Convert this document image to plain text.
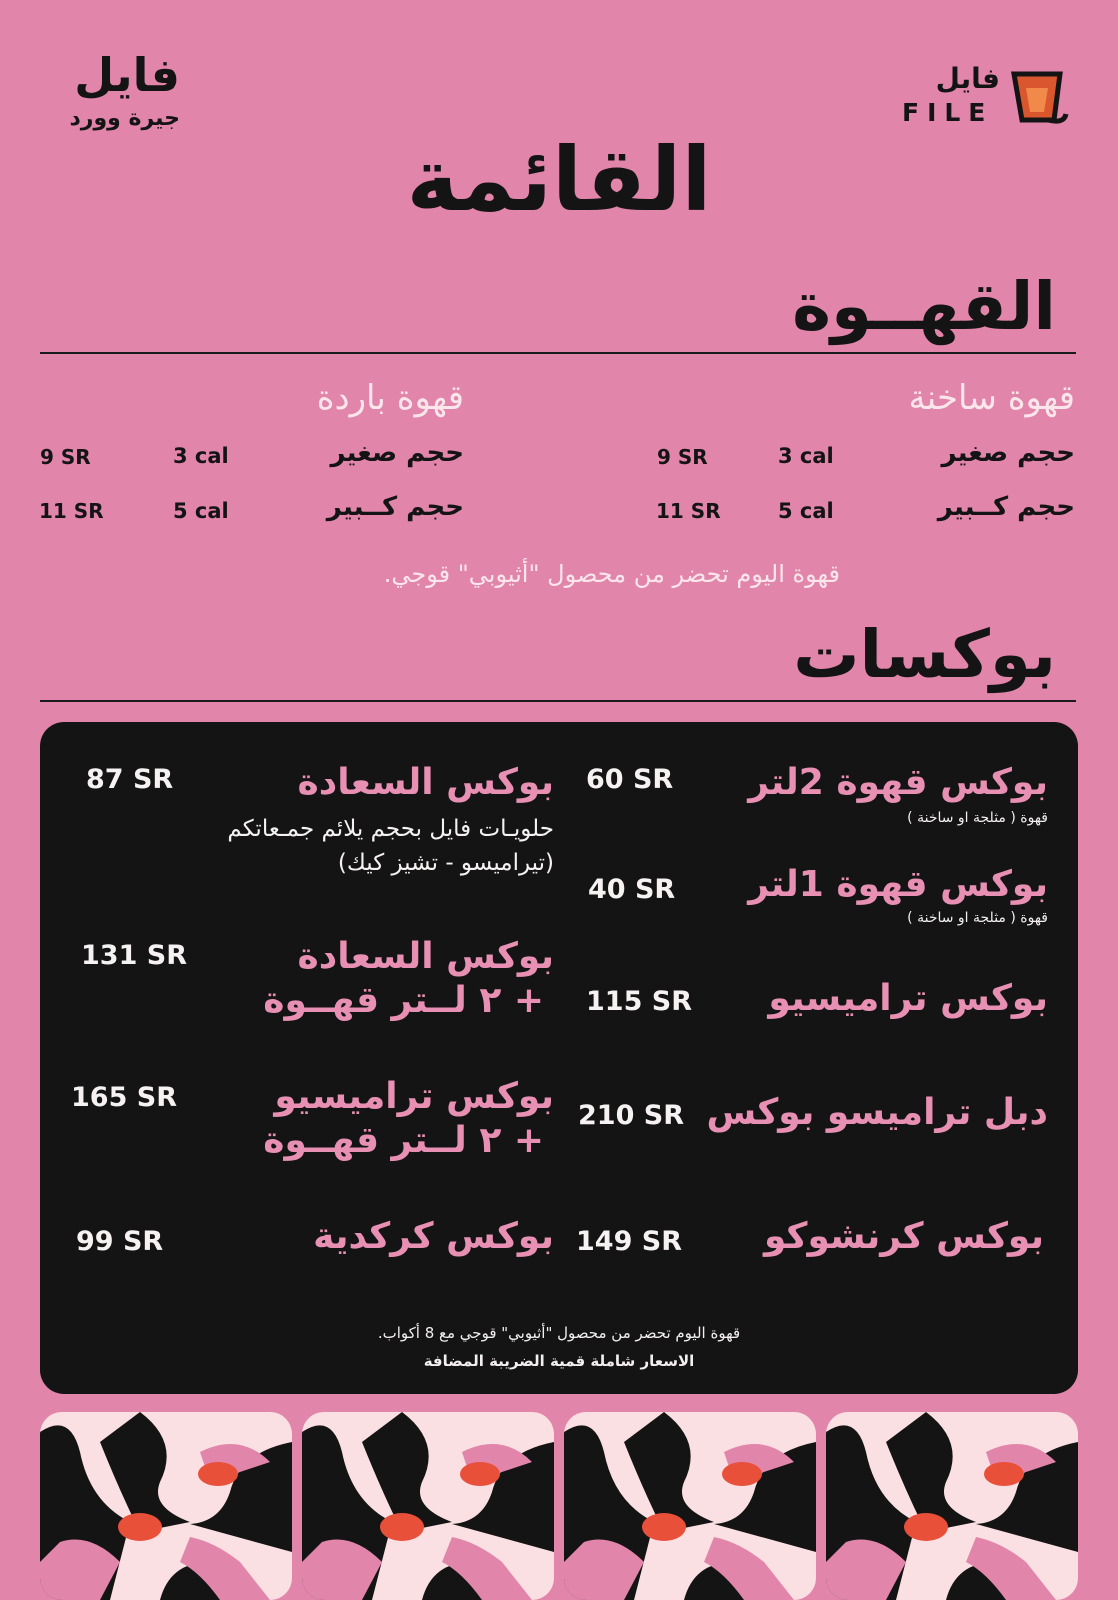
فايل
جيرة وورد
فايل
FILE
القائمة
القهــوة
قهوة ساخنة
قهوة باردة
حجم صغير
3 cal
9 SR
حجم كــبير
5 cal
11 SR
حجم صغير
3 cal
9 SR
حجم كــبير
5 cal
11 SR
قهوة اليوم تحضر من محصول "أثيوبي" قوجي.
بوكسات
بوكس قهوة 2لتر
60 SR
قهوة ( مثلجة او ساخنة )
بوكس قهوة 1لتر
40 SR
قهوة ( مثلجة او ساخنة )
بوكس تراميسيو
115 SR
دبل تراميسو بوكس
210 SR
بوكس كرنشوكو
149 SR
بوكس السعادة
87 SR
حلويـات فايل بحجم يلائم جمـعاتكم
(تيراميسو - تشيز كيك)
بوكس السعادة
+ ٢ لــتر قهــوة
131 SR
بوكس تراميسيو
+ ٢ لــتر قهــوة
165 SR
بوكس كركدية
99 SR
قهوة اليوم تحضر من محصول "أثيوبي" قوجي مع 8 أكواب.
الاسعار شاملة قمية الضريبة المضافة
